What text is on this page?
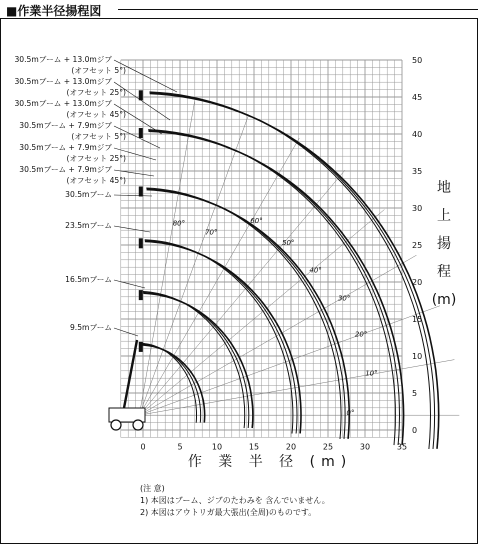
■作業半径揚程図
0°
10°
20°
30°
40°
50°
60°
70°
80°
0	5	10	15	20	25	30	35
0
5
10
15
20
25
30
35
40
45
50
30.5mブーム + 13.0mジブ
(オフセット 5°)
30.5mブーム + 13.0mジブ
(オフセット 25°)
30.5mブーム + 13.0mジブ
(オフセット 45°)
30.5mブーム + 7.9mジブ
(オフセット 5°)
30.5mブーム + 7.9mジブ
(オフセット 25°)
30.5mブーム + 7.9mジブ
(オフセット 45°)
30.5mブーム
23.5mブーム
16.5mブーム
9.5mブーム
作 業 半 径 (m)
地
上
揚
程
(m)
(注 意)
1) 本図はブーム、ジブのたわみを 含んでいません。
2) 本図はアウトリガ最大張出(全周)のものです。
